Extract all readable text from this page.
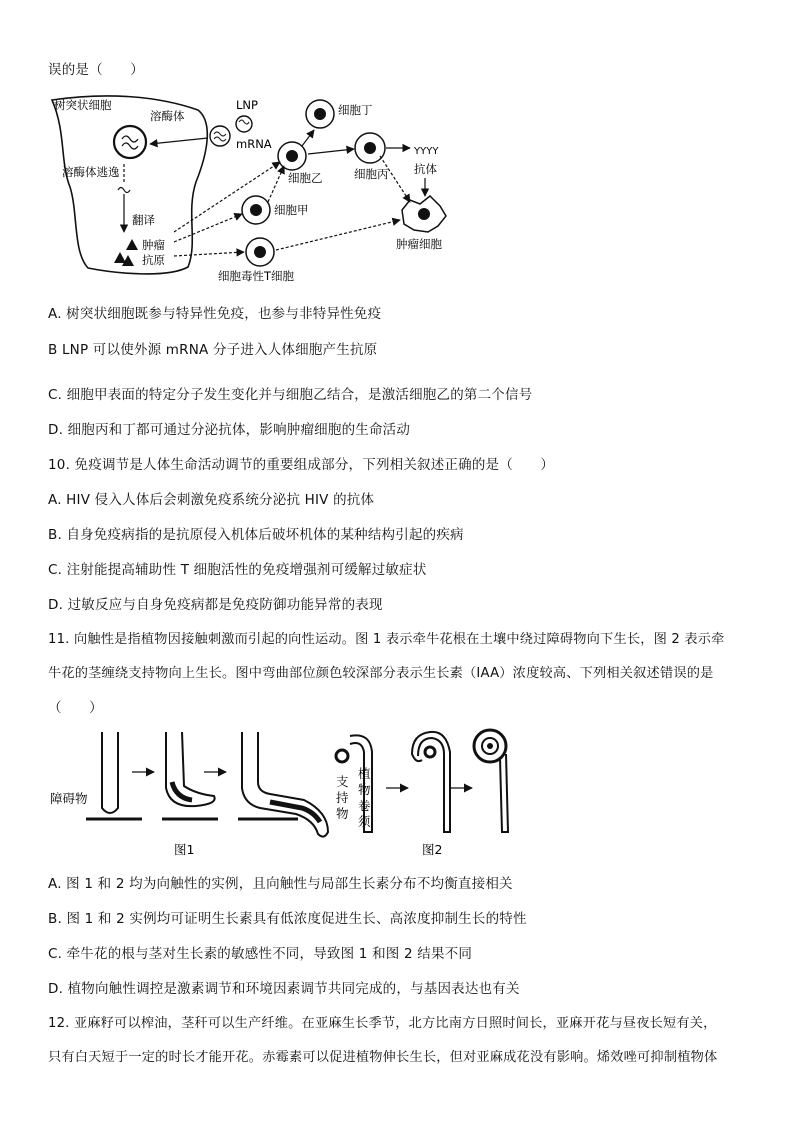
误的是（　　）
树突状细胞
溶酶体
溶酶体逃逸
翻译
肿瘤
抗原
LNP
mRNA
细胞丁
细胞乙	细胞丙
YYYY
抗体
肿瘤细胞
细胞甲
细胞毒性T细胞
A. 树突状细胞既参与特异性免疫，也参与非特异性免疫
B LNP 可以使外源 mRNA 分子进入人体细胞产生抗原
C. 细胞甲表面的特定分子发生变化并与细胞乙结合，是激活细胞乙的第二个信号
D. 细胞丙和丁都可通过分泌抗体，影响肿瘤细胞的生命活动
10. 免疫调节是人体生命活动调节的重要组成部分，下列相关叙述正确的是（　　）
A. HIV 侵入人体后会刺激免疫系统分泌抗 HIV 的抗体
B. 自身免疫病指的是抗原侵入机体后破坏机体的某种结构引起的疾病
C. 注射能提高辅助性 T 细胞活性的免疫增强剂可缓解过敏症状
D. 过敏反应与自身免疫病都是免疫防御功能异常的表现
11. 向触性是指植物因接触刺激而引起的向性运动。图 1 表示牵牛花根在土壤中绕过障碍物向下生长，图 2 表示牵
牛花的茎缠绕支持物向上生长。图中弯曲部位颜色较深部分表示生长素（IAA）浓度较高、下列相关叙述错误的是
（　　）
障碍物
图1
支
持
物
植
物
卷
须
图2
A. 图 1 和 2 均为向触性的实例，且向触性与局部生长素分布不均衡直接相关
B. 图 1 和 2 实例均可证明生长素具有低浓度促进生长、高浓度抑制生长的特性
C. 牵牛花的根与茎对生长素的敏感性不同，导致图 1 和图 2 结果不同
D. 植物向触性调控是激素调节和环境因素调节共同完成的，与基因表达也有关
12. 亚麻籽可以榨油，茎秆可以生产纤维。在亚麻生长季节，北方比南方日照时间长，亚麻开花与昼夜长短有关，
只有白天短于一定的时长才能开花。赤霉素可以促进植物伸长生长，但对亚麻成花没有影响。烯效唑可抑制植物体
